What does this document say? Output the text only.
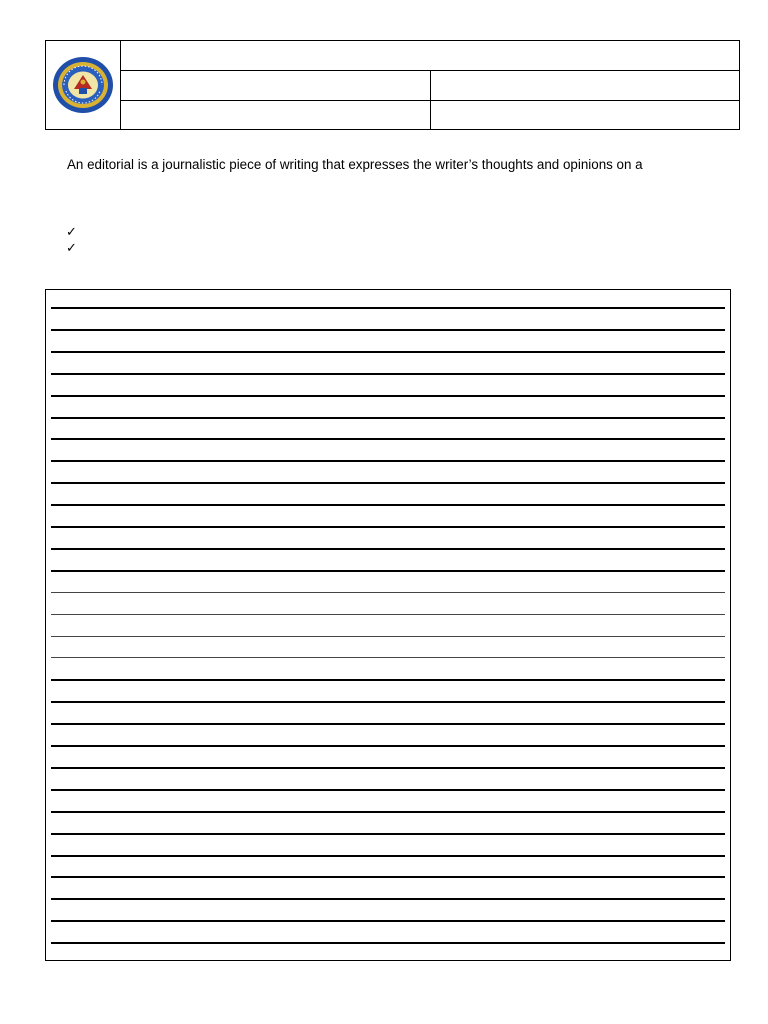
An editorial is a journalistic piece of writing that expresses the writer’s thoughts and opinions on a

✓
✓
